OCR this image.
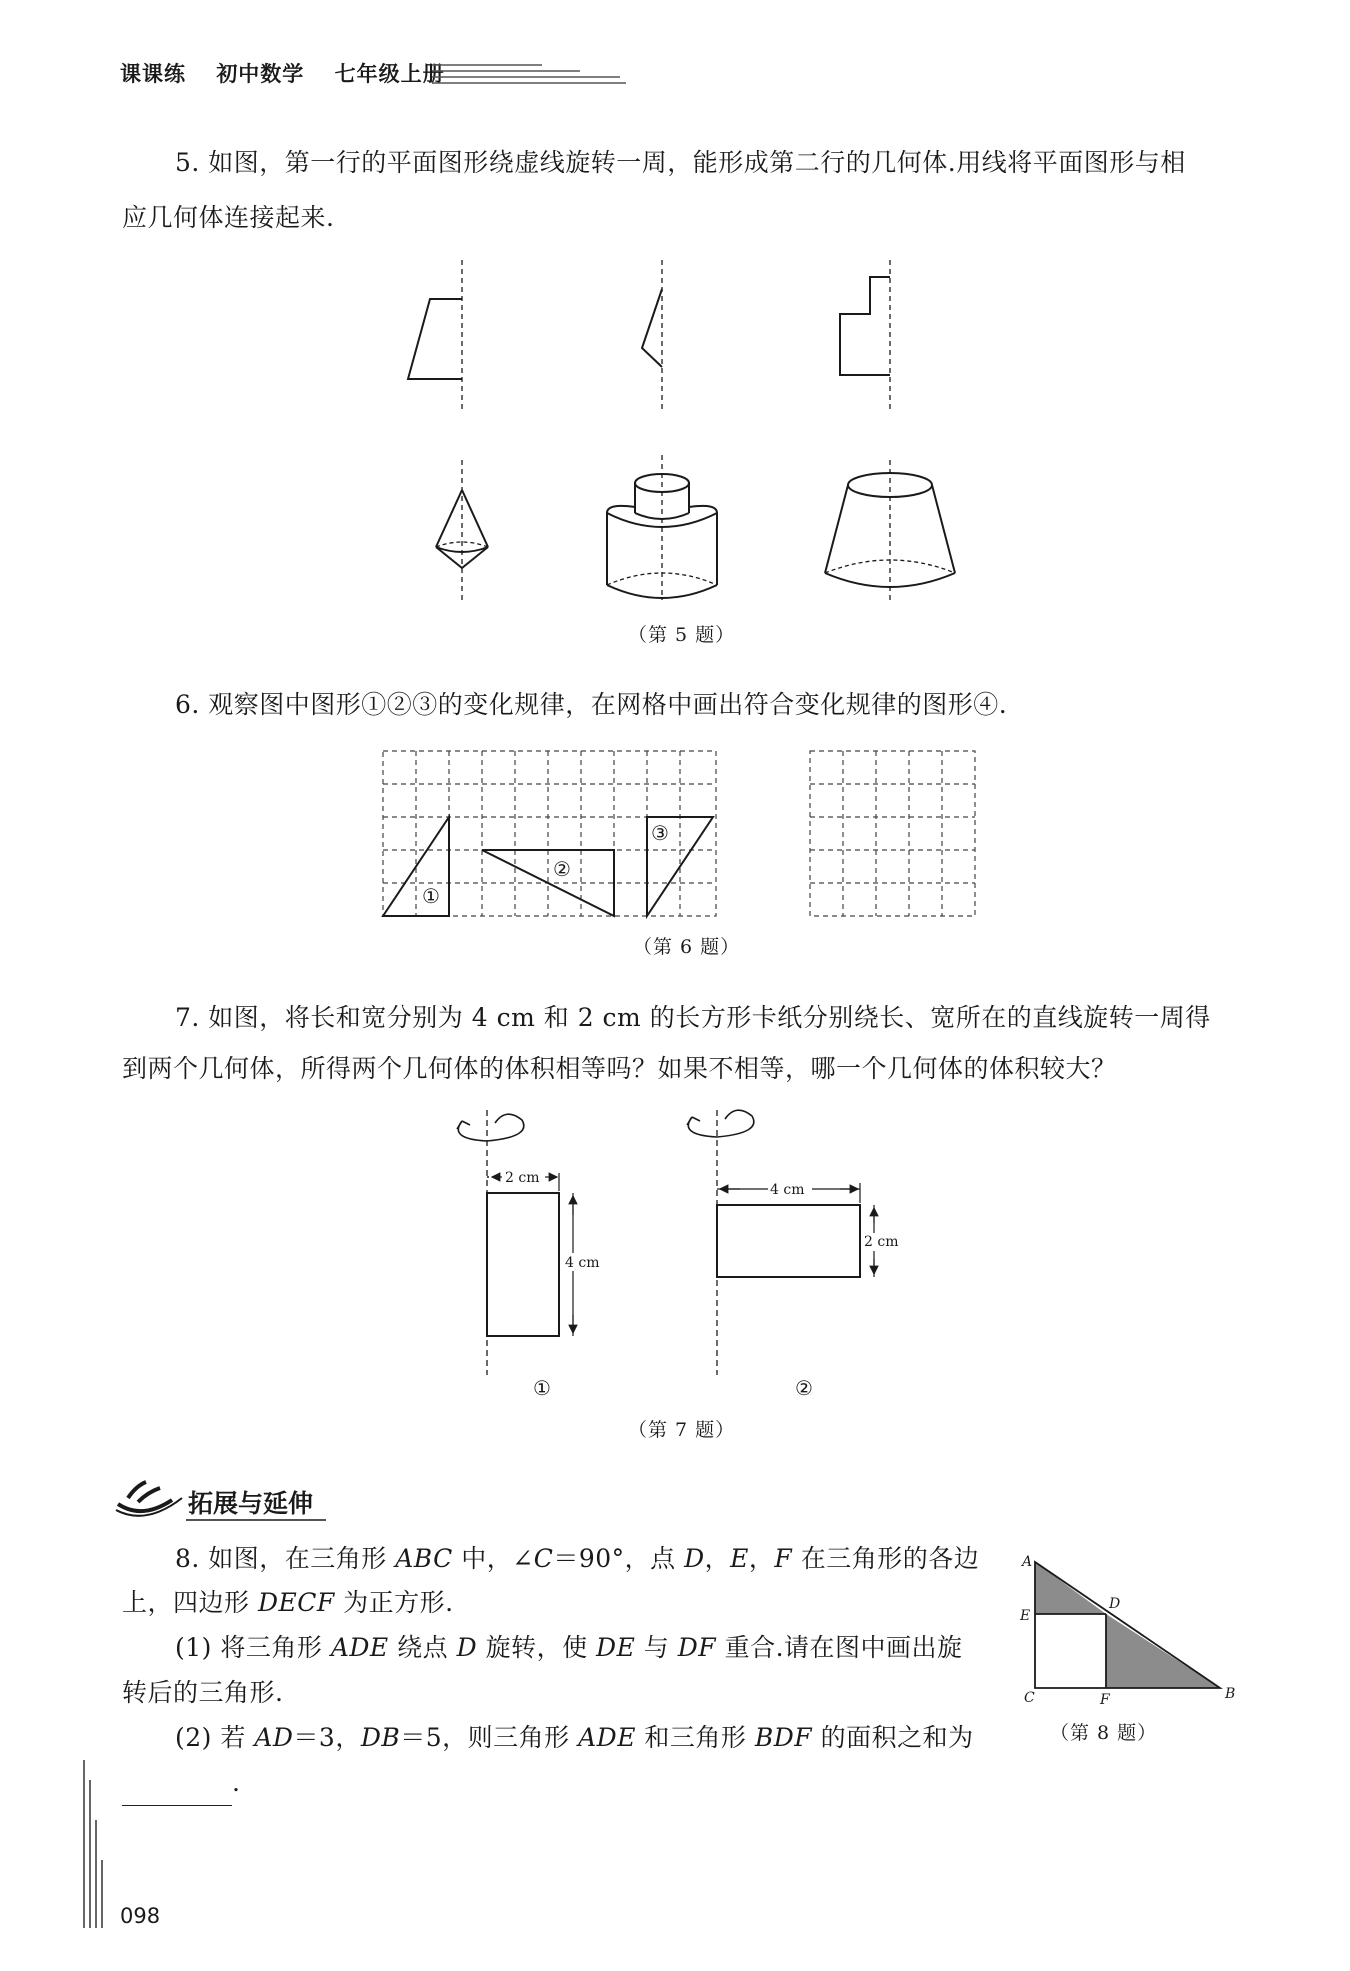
课课练 初中数学 七年级上册
5. 如图，第一行的平面图形绕虚线旋转一周，能形成第二行的几何体.用线将平面图形与相
应几何体连接起来.
（第 5 题）
6. 观察图中图形①②③的变化规律，在网格中画出符合变化规律的图形④.
①
②
③
（第 6 题）
7. 如图，将长和宽分别为 4 cm 和 2 cm 的长方形卡纸分别绕长、宽所在的直线旋转一周得
到两个几何体，所得两个几何体的体积相等吗？如果不相等，哪一个几何体的体积较大？
2 cm
4 cm
4 cm
2 cm
①	②
（第 7 题）
拓展与延伸
8. 如图，在三角形 ABC 中，∠C＝90°，点 D，E，F 在三角形的各边
上，四边形 DECF 为正方形.
(1) 将三角形 ADE 绕点 D 旋转，使 DE 与 DF 重合.请在图中画出旋
转后的三角形.
(2) 若 AD＝3，DB＝5，则三角形 ADE 和三角形 BDF 的面积之和为
.
A
E
D
C	F	B
（第 8 题）
098
